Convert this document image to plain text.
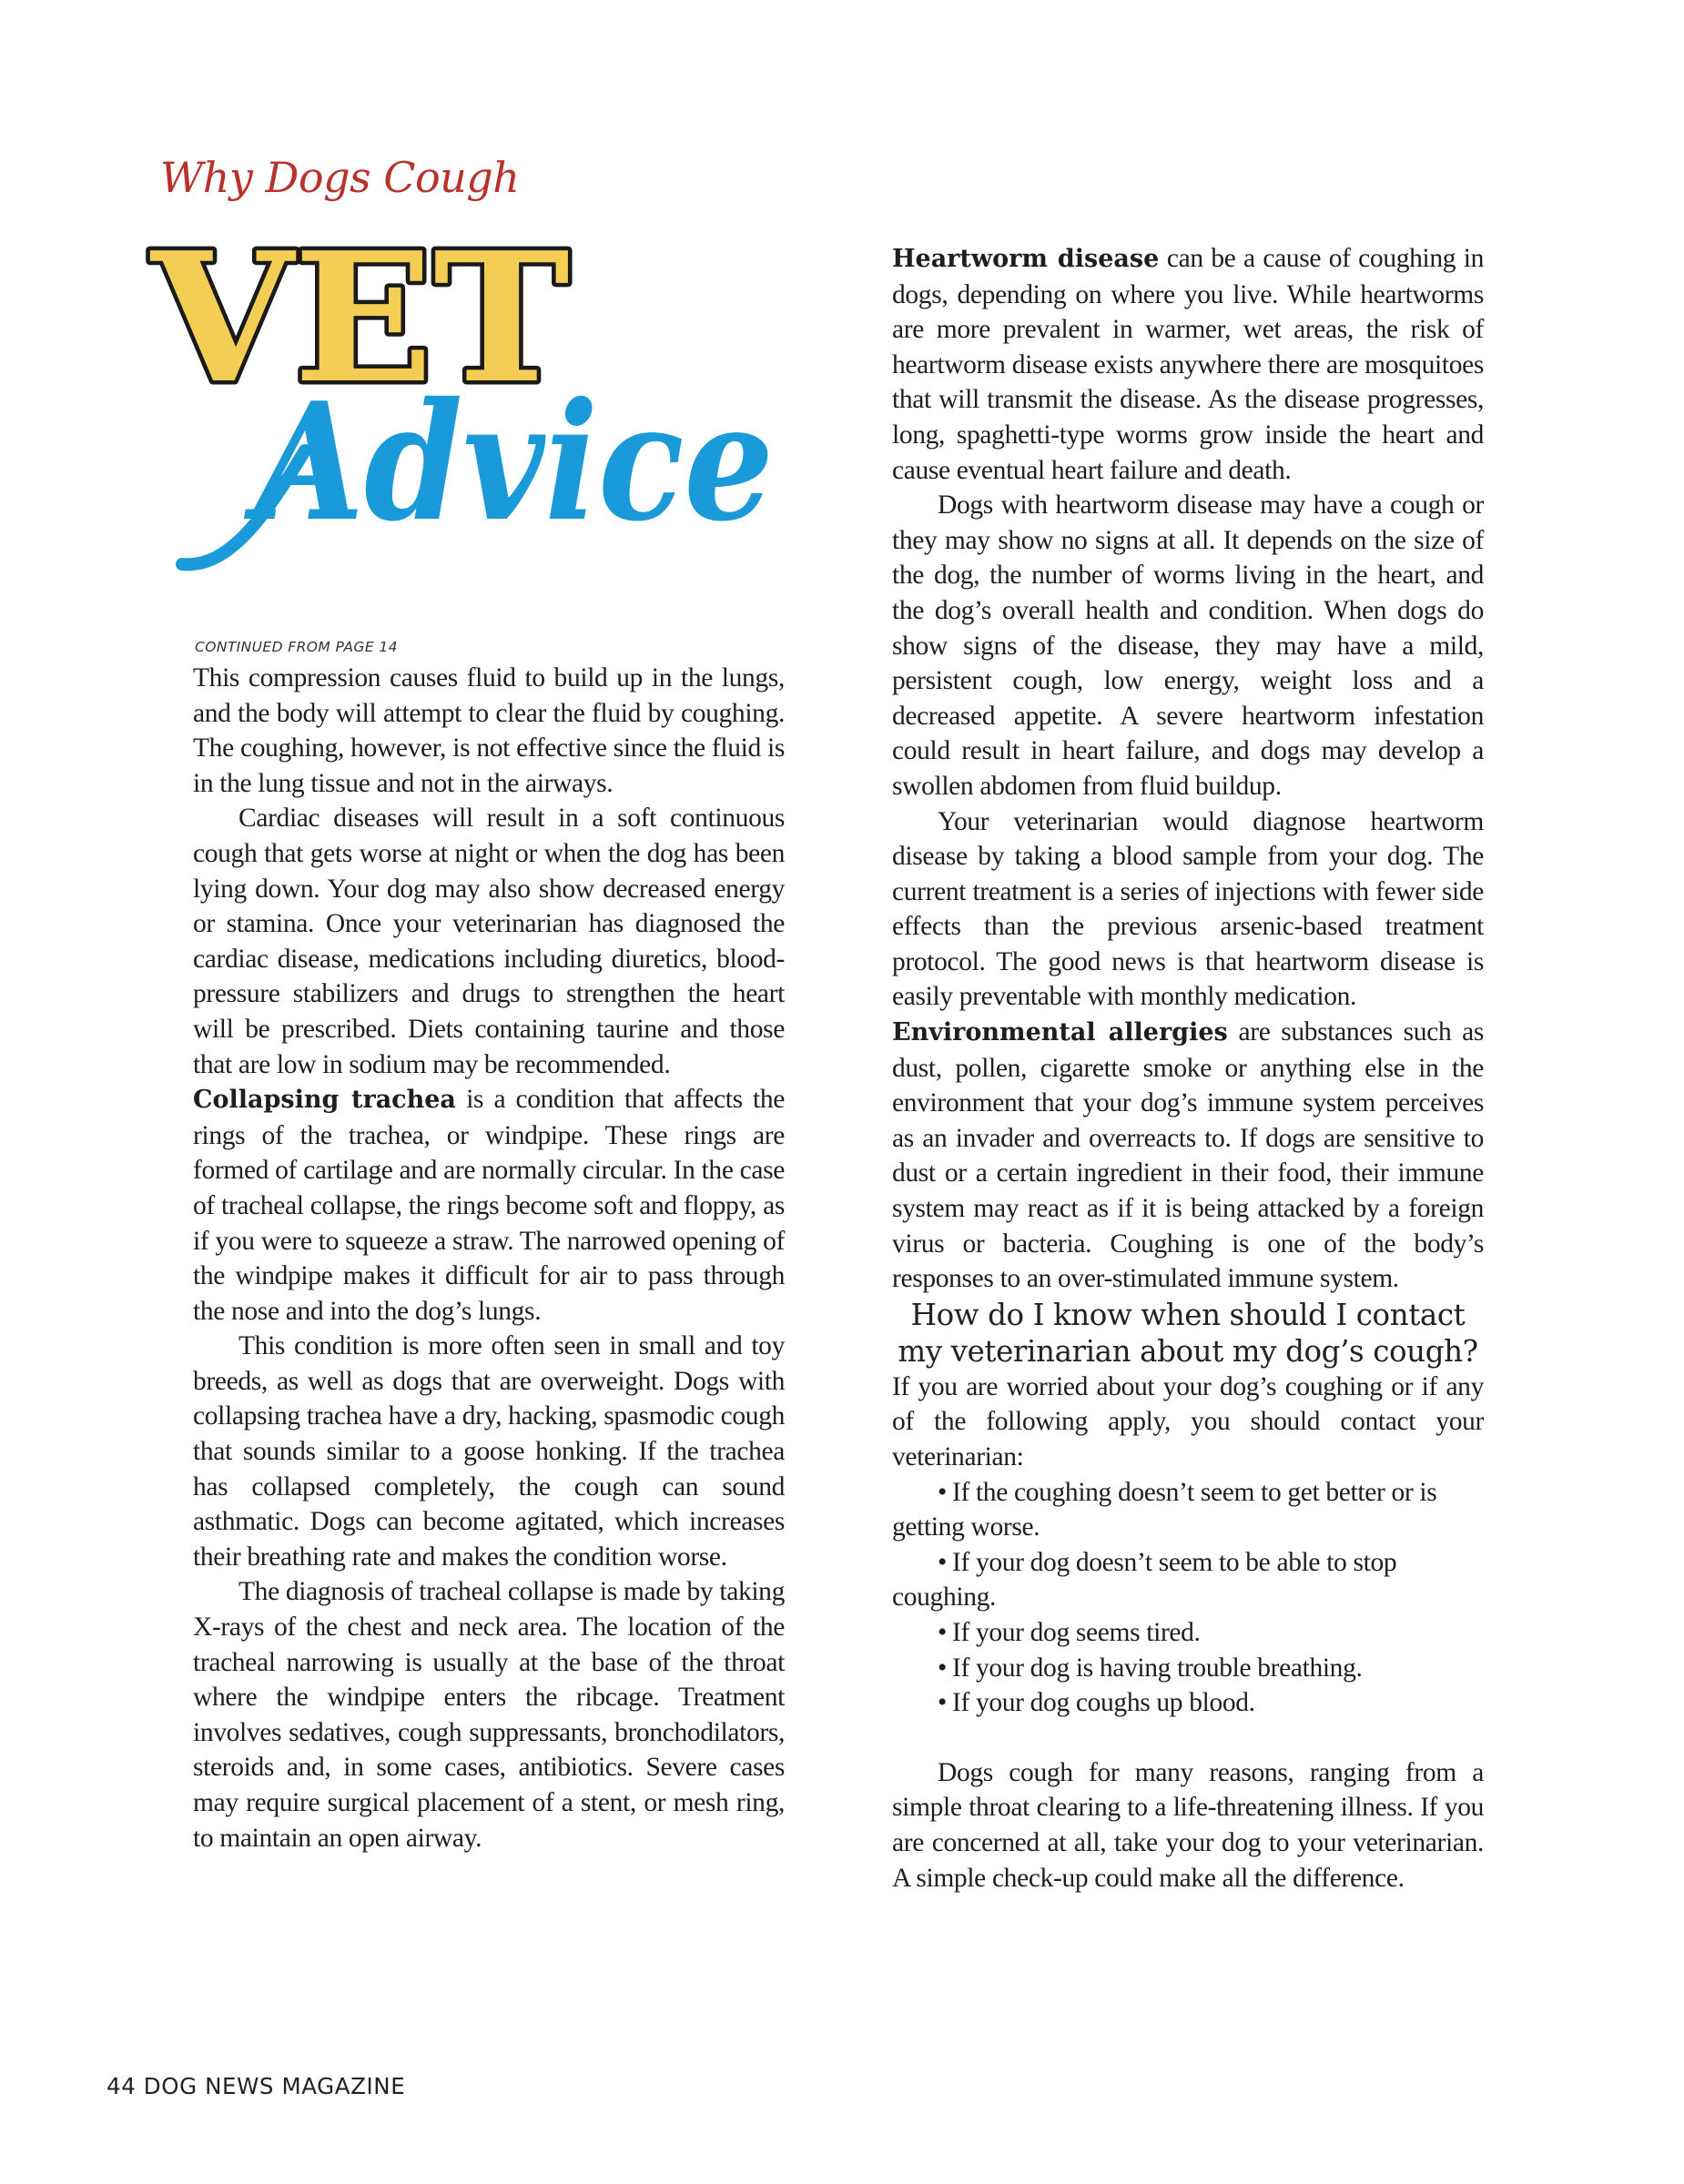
Why Dogs Cough
VET
Advice
CONTINUED FROM PAGE 14

This compression causes fluid to build up in the lungs, and the body will attempt to clear the fluid by coughing. The coughing, however, is not effective since the fluid is in the lung tissue and not in the airways.

Cardiac diseases will result in a soft continuous cough that gets worse at night or when the dog has been lying down. Your dog may also show decreased energy or stamina. Once your veterinarian has diagnosed the cardiac disease, medications including diuretics, blood-pressure stabilizers and drugs to strengthen the heart will be prescribed. Diets containing taurine and those that are low in sodium may be recommended.

Collapsing trachea is a condition that affects the rings of the trachea, or windpipe. These rings are formed of cartilage and are normally circular. In the case of tracheal collapse, the rings become soft and floppy, as if you were to squeeze a straw. The narrowed opening of the windpipe makes it difficult for air to pass through the nose and into the dog’s lungs.

This condition is more often seen in small and toy breeds, as well as dogs that are overweight. Dogs with collapsing trachea have a dry, hacking, spasmodic cough that sounds similar to a goose honking. If the trachea has collapsed completely, the cough can sound asthmatic. Dogs can become agitated, which increases their breathing rate and makes the condition worse.

The diagnosis of tracheal collapse is made by taking X-rays of the chest and neck area. The location of the tracheal narrowing is usually at the base of the throat where the windpipe enters the ribcage. Treatment involves sedatives, cough suppressants, bronchodilators, steroids and, in some cases, antibiotics. Severe cases may require surgical placement of a stent, or mesh ring, to maintain an open airway.

Heartworm disease can be a cause of coughing in dogs, depending on where you live. While heartworms are more prevalent in warmer, wet areas, the risk of heartworm disease exists anywhere there are mosquitoes that will transmit the disease. As the disease progresses, long, spaghetti-type worms grow inside the heart and cause eventual heart failure and death.

Dogs with heartworm disease may have a cough or they may show no signs at all. It depends on the size of the dog, the number of worms living in the heart, and the dog’s overall health and condition. When dogs do show signs of the disease, they may have a mild, persistent cough, low energy, weight loss and a decreased appetite. A severe heartworm infestation could result in heart failure, and dogs may develop a swollen abdomen from fluid buildup.

Your veterinarian would diagnose heartworm disease by taking a blood sample from your dog. The current treatment is a series of injections with fewer side effects than the previous arsenic-based treatment protocol. The good news is that heartworm disease is easily preventable with monthly medication.

Environmental allergies are substances such as dust, pollen, cigarette smoke or anything else in the environment that your dog’s immune system perceives as an invader and overreacts to. If dogs are sensitive to dust or a certain ingredient in their food, their immune system may react as if it is being attacked by a foreign virus or bacteria. Coughing is one of the body’s responses to an over-stimulated immune system.

How do I know when should I contact my veterinarian about my dog’s cough?

If you are worried about your dog’s coughing or if any of the following apply, you should contact your veterinarian:

• If the coughing doesn’t seem to get better or is getting worse.
• If your dog doesn’t seem to be able to stop coughing.
• If your dog seems tired.
• If your dog is having trouble breathing.
• If your dog coughs up blood.

Dogs cough for many reasons, ranging from a simple throat clearing to a life-threatening illness. If you are concerned at all, take your dog to your veterinarian. A simple check-up could make all the difference.

44 DOG NEWS MAGAZINE
